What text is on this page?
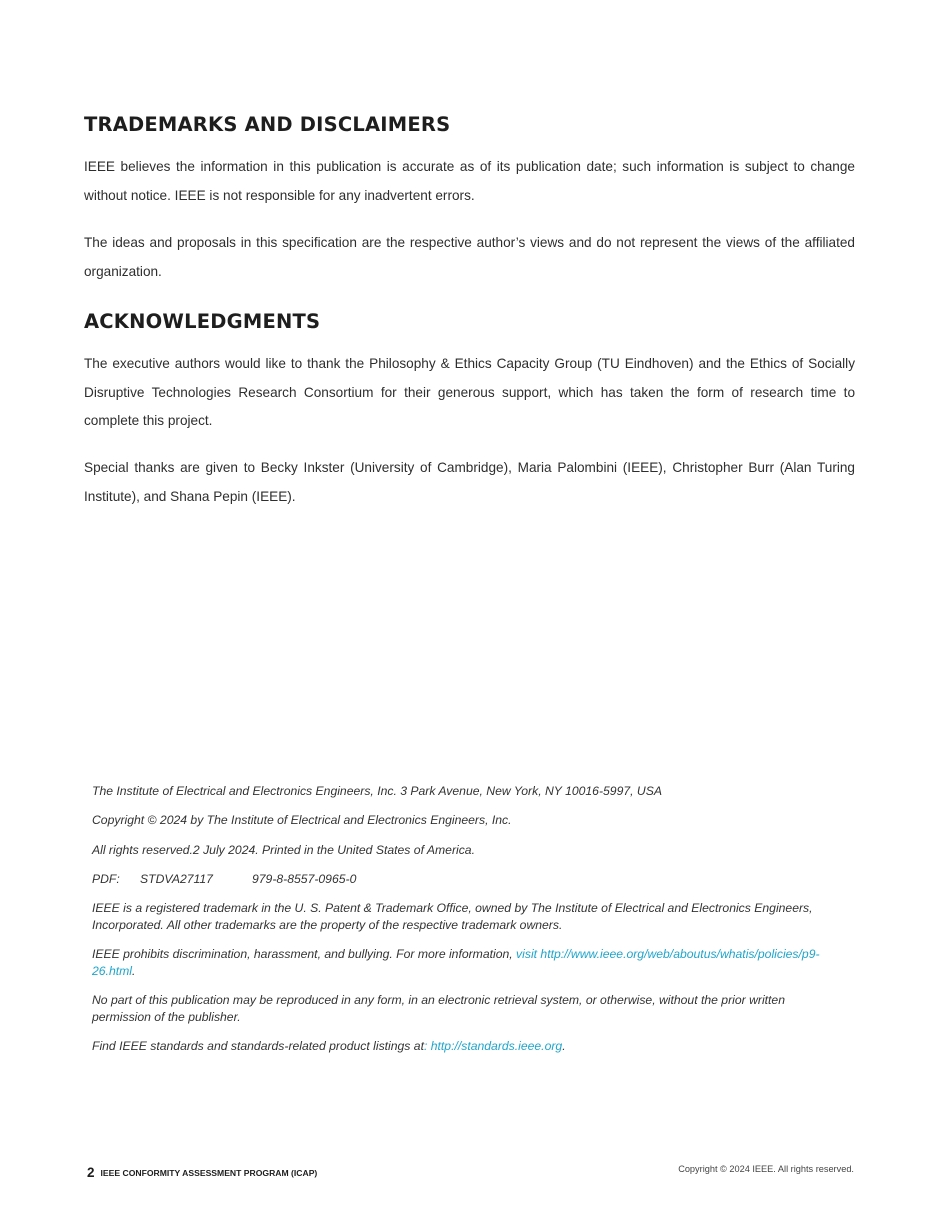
TRADEMARKS AND DISCLAIMERS

IEEE believes the information in this publication is accurate as of its publication date; such information is subject to change without notice. IEEE is not responsible for any inadvertent errors.

The ideas and proposals in this specification are the respective author’s views and do not represent the views of the affiliated organization.

ACKNOWLEDGMENTS

The executive authors would like to thank the Philosophy & Ethics Capacity Group (TU Eindhoven) and the Ethics of Socially Disruptive Technologies Research Consortium for their generous support, which has taken the form of research time to complete this project.

Special thanks are given to Becky Inkster (University of Cambridge), Maria Palombini (IEEE), Christopher Burr (Alan Turing Institute), and Shana Pepin (IEEE).

The Institute of Electrical and Electronics Engineers, Inc. 3 Park Avenue, New York, NY 10016-5997, USA

Copyright © 2024 by The Institute of Electrical and Electronics Engineers, Inc.

All rights reserved.2 July 2024. Printed in the United States of America.

PDF: STDVA27117	979-8-8557-0965-0

IEEE is a registered trademark in the U. S. Patent & Trademark Office, owned by The Institute of Electrical and Electronics Engineers, Incorporated. All other trademarks are the property of the respective trademark owners.

IEEE prohibits discrimination, harassment, and bullying. For more information, visit http://www.ieee.org/web/aboutus/whatis/policies/p9-26.html.

No part of this publication may be reproduced in any form, in an electronic retrieval system, or otherwise, without the prior written permission of the publisher.

Find IEEE standards and standards-related product listings at: http://standards.ieee.org.

2 IEEE CONFORMITY ASSESSMENT PROGRAM (ICAP)	Copyright © 2024 IEEE. All rights reserved.
